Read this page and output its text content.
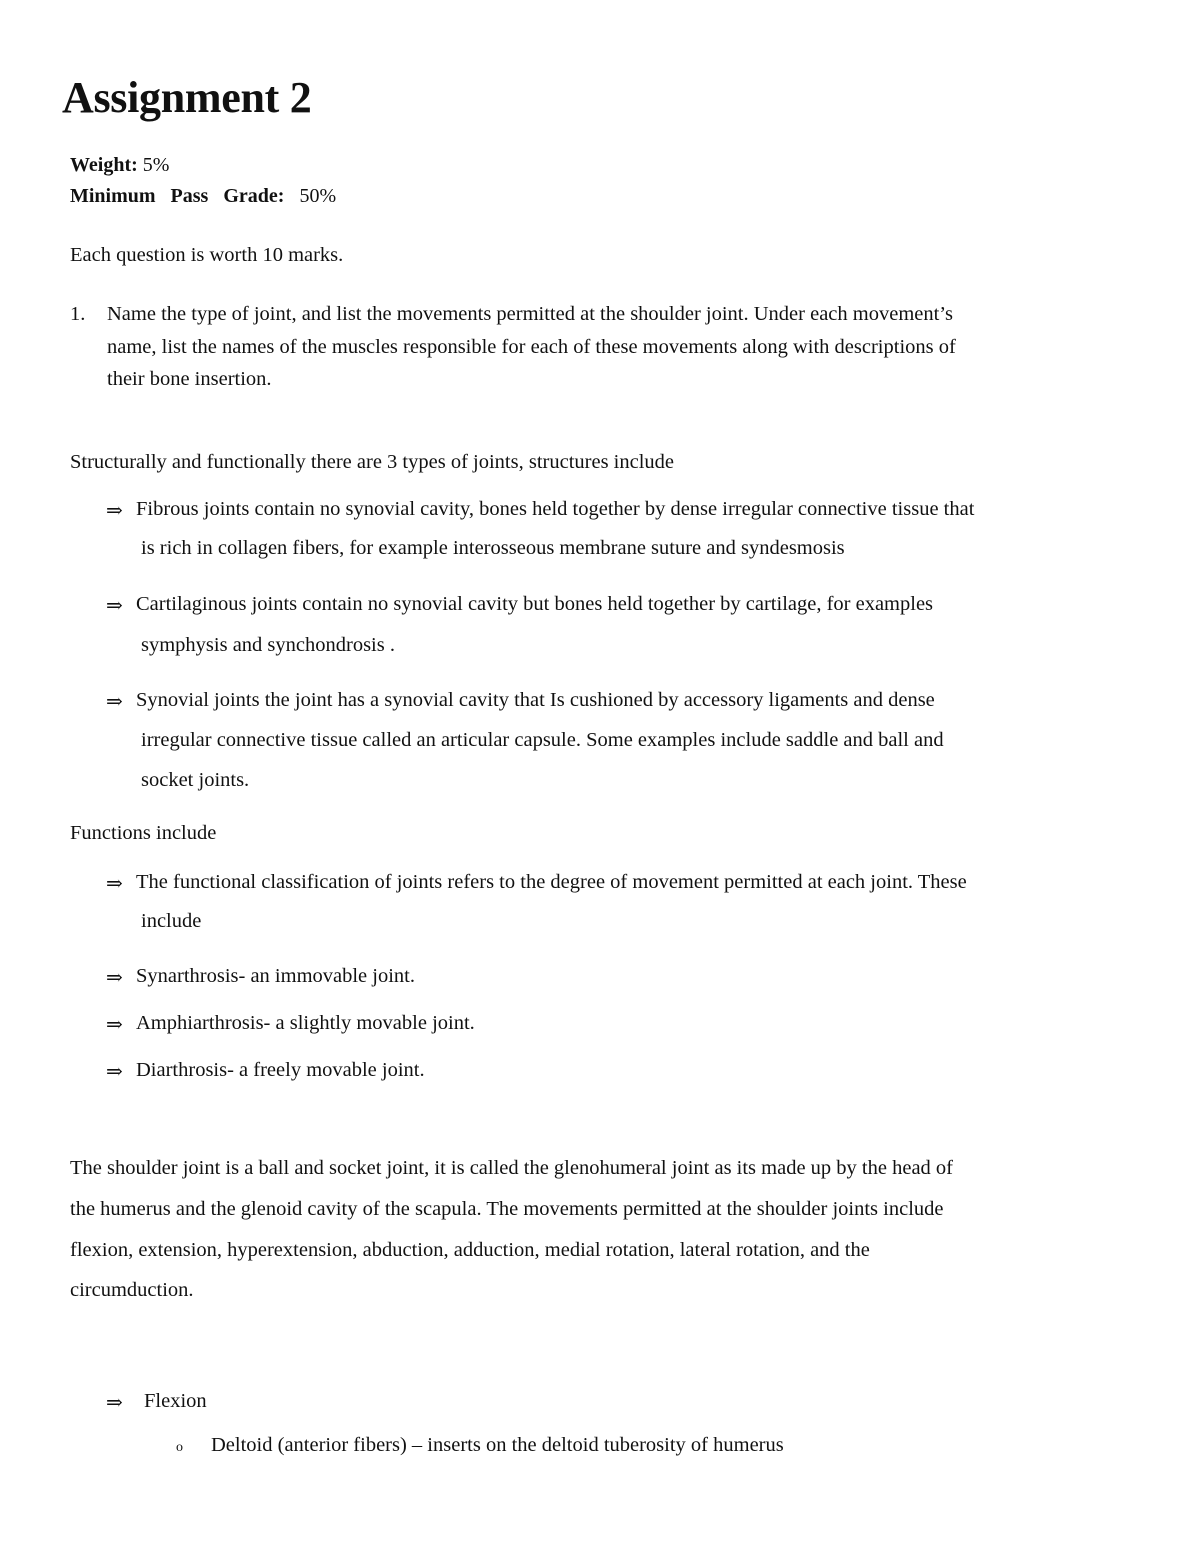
Assignment 2
Weight: 5%
Minimum   Pass   Grade: 50%
Each question is worth 10 marks.
1. Name the type of joint, and list the movements permitted at the shoulder joint. Under each movement’s
name, list the names of the muscles responsible for each of these movements along with descriptions of
their bone insertion.
Structurally and functionally there are 3 types of joints, structures include
⇒ Fibrous joints contain no synovial cavity, bones held together by dense irregular connective tissue that
is rich in collagen fibers, for example interosseous membrane suture and syndesmosis
⇒ Cartilaginous joints contain no synovial cavity but bones held together by cartilage, for examples
symphysis and synchondrosis .
⇒ Synovial joints the joint has a synovial cavity that Is cushioned by accessory ligaments and dense
irregular connective tissue called an articular capsule. Some examples include saddle and ball and
socket joints.
Functions include
⇒ The functional classification of joints refers to the degree of movement permitted at each joint. These
include
⇒ Synarthrosis- an immovable joint.
⇒ Amphiarthrosis- a slightly movable joint.
⇒ Diarthrosis- a freely movable joint.
The shoulder joint is a ball and socket joint, it is called the glenohumeral joint as its made up by the head of
the humerus and the glenoid cavity of the scapula. The movements permitted at the shoulder joints include
flexion, extension, hyperextension, abduction, adduction, medial rotation, lateral rotation, and the
circumduction.
⇒ Flexion
o Deltoid (anterior fibers) – inserts on the deltoid tuberosity of humerus
